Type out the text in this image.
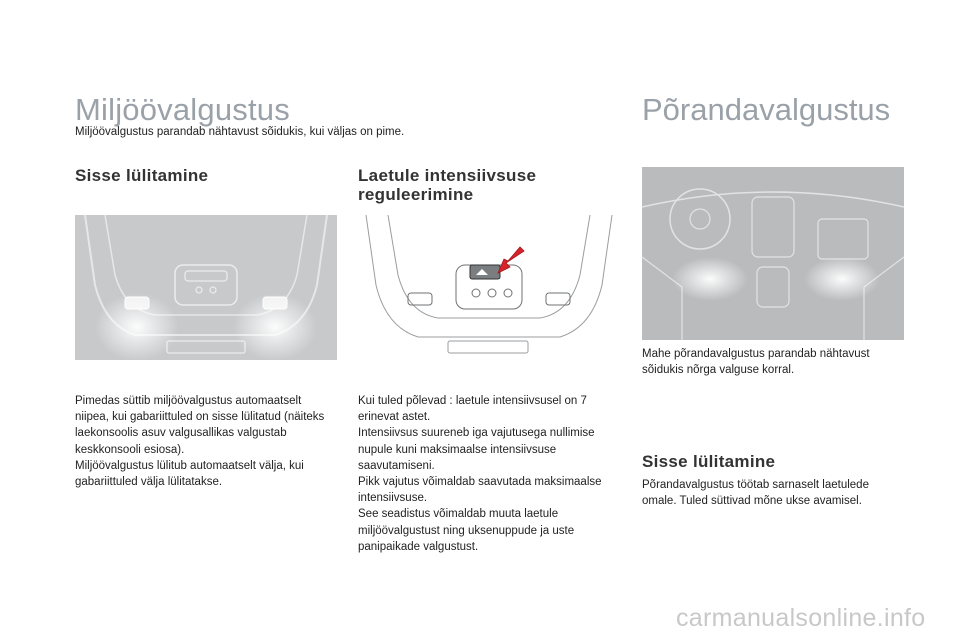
Miljöövalgustus	Põrandavalgustus
Miljöövalgustus parandab nähtavust sõidukis, kui väljas on pime.
Sisse lülitamine	Laetule intensiivsuse reguleerimine

Pimedas süttib miljöövalgustus automaatselt niipea, kui gabariittuled on sisse lülitatud (näiteks laekonsoolis asuv valgusallikas valgustab keskkonsooli esiosa).

Miljöövalgustus lülitub automaatselt välja, kui gabariittuled välja lülitatakse.

Kui tuled põlevad : laetule intensiivsusel on 7 erinevat astet.

Intensiivsus suureneb iga vajutusega nullimise nupule kuni maksimaalse intensiivsuse saavutamiseni.

Pikk vajutus võimaldab saavutada maksimaalse intensiivsuse.

See seadistus võimaldab muuta laetule miljöövalgustust ning uksenuppude ja uste panipaikade valgustust.

Mahe põrandavalgustus parandab nähtavust sõidukis nõrga valguse korral.
Sisse lülitamine
Põrandavalgustus töötab sarnaselt laetulede omale. Tuled süttivad mõne ukse avamisel.
carmanualsonline.info
